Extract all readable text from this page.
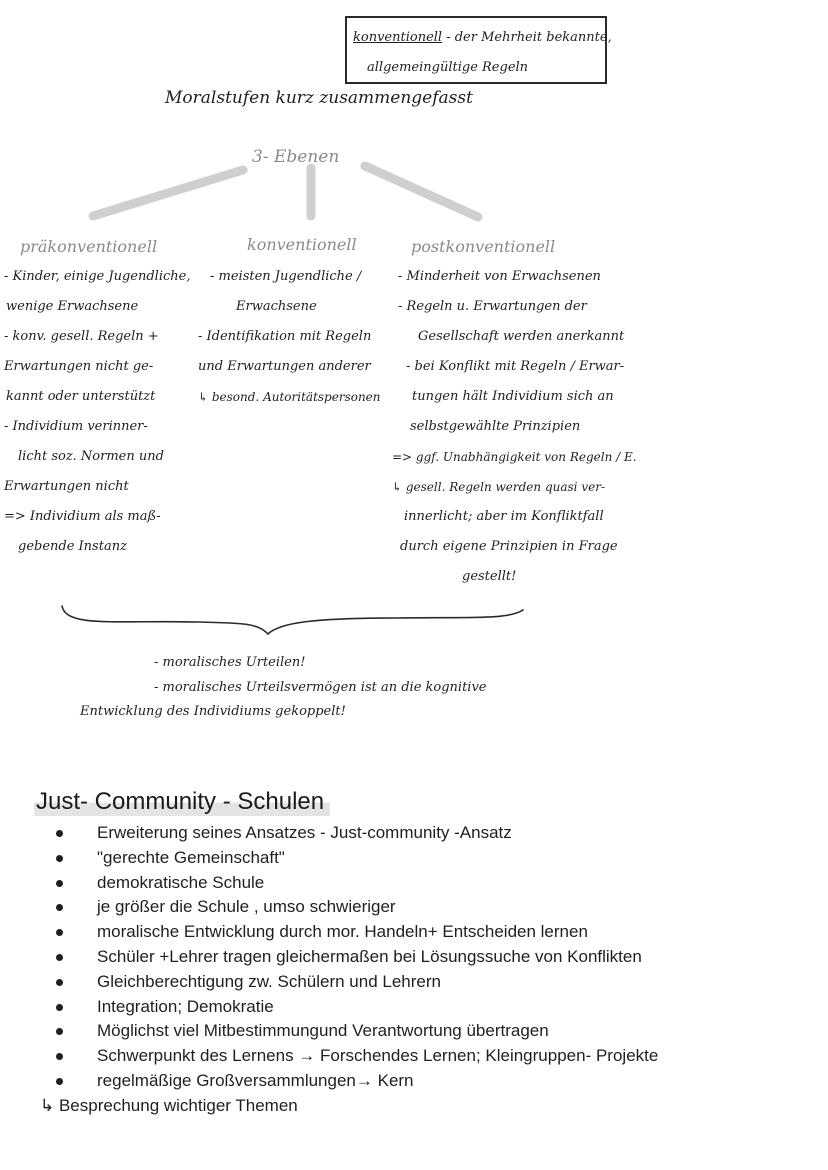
konventionell - der Mehrheit bekannte,
allgemeingültige Regeln
Moralstufen kurz zusammengefasst
3- Ebenen
präkonventionell	konventionell	postkonventionell
- Kinder, einige Jugendliche,
wenige Erwachsene
- konv. gesell. Regeln +
Erwartungen nicht ge-
kannt oder unterstützt
- Individium verinner-
licht soz. Normen und
Erwartungen nicht
=> Individium als maß-
gebende Instanz
- meisten Jugendliche /
Erwachsene
- Identifikation mit Regeln
und Erwartungen anderer
↳ besond. Autoritätspersonen
- Minderheit von Erwachsenen
- Regeln u. Erwartungen der
Gesellschaft werden anerkannt
- bei Konflikt mit Regeln / Erwar-
tungen hält Individium sich an
selbstgewählte Prinzipien
=> ggf. Unabhängigkeit von Regeln / E.
↳ gesell. Regeln werden quasi ver-
innerlicht; aber im Konfliktfall
durch eigene Prinzipien in Frage
gestellt!
- moralisches Urteilen!
- moralisches Urteilsvermögen ist an die kognitive
Entwicklung des Individiums gekoppelt!
Just- Community - Schulen
Erweiterung seines Ansatzes - Just-community -Ansatz
"gerechte Gemeinschaft"
demokratische Schule
je größer die Schule , umso schwieriger
moralische Entwicklung durch mor. Handeln+ Entscheiden lernen
Schüler +Lehrer tragen gleichermaßen bei Lösungssuche von Konflikten
Gleichberechtigung zw. Schülern und Lehrern
Integration; Demokratie
Möglichst viel Mitbestimmungund Verantwortung übertragen
Schwerpunkt des Lernens → Forschendes Lernen; Kleingruppen- Projekte
regelmäßige Großversammlungen→ Kern
↳ Besprechung wichtiger Themen
